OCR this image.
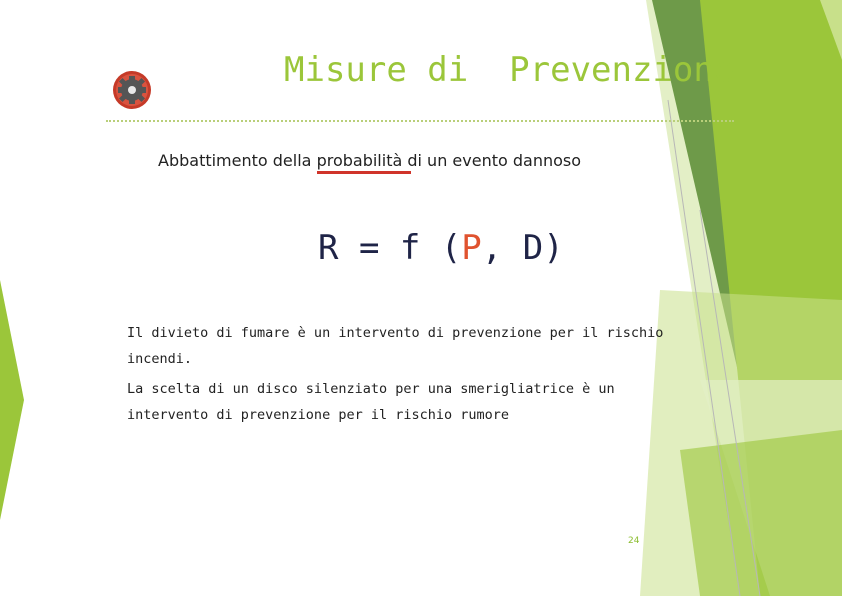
Misure di  Prevenzione
Abbattimento della probabilità di un evento dannoso
R = f (P, D)
Il divieto di fumare è un intervento di prevenzione per il rischio incendi.
La scelta di un disco silenziato per una smerigliatrice è un intervento di prevenzione per il rischio rumore
24
